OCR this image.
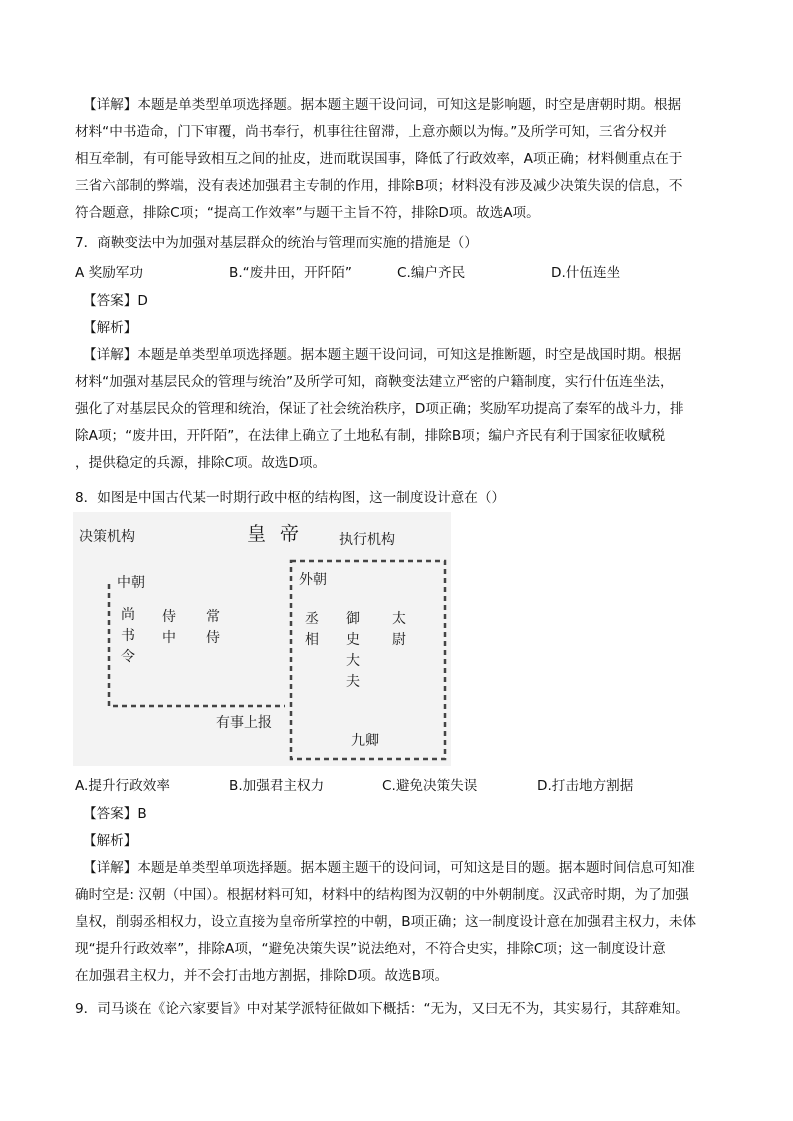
【详解】本题是单类型单项选择题。据本题主题干设问词，可知这是影响题，时空是唐朝时期。根据
材料“中书造命，门下审覆，尚书奉行，机事往往留滞，上意亦颇以为悔。”及所学可知，三省分权并
相互牵制，有可能导致相互之间的扯皮，进而耽误国事，降低了行政效率，A项正确；材料侧重点在于
三省六部制的弊端，没有表述加强君主专制的作用，排除B项；材料没有涉及减少决策失误的信息，不
符合题意，排除C项；“提高工作效率”与题干主旨不符，排除D项。故选A项。
7．商鞅变法中为加强对基层群众的统治与管理而实施的措施是（）
A 奖励军功	B.“废井田，开阡陌”	C.编户齐民	D.什伍连坐
【答案】D
【解析】
【详解】本题是单类型单项选择题。据本题主题干设问词，可知这是推断题，时空是战国时期。根据
材料“加强对基层民众的管理与统治”及所学可知，商鞅变法建立严密的户籍制度，实行什伍连坐法，
强化了对基层民众的管理和统治，保证了社会统治秩序，D项正确；奖励军功提高了秦军的战斗力，排
除A项；“废井田，开阡陌”，在法律上确立了土地私有制，排除B项；编户齐民有利于国家征收赋税
，提供稳定的兵源，排除C项。故选D项。
8．如图是中国古代某一时期行政中枢的结构图，这一制度设计意在（）
决策机构	皇帝 执行机构
中朝
尚书令
侍中
常侍
外朝
丞相
御史大夫
太尉
有事上报
九卿
A.提升行政效率	B.加强君主权力	C.避免决策失误	D.打击地方割据
【答案】B
【解析】
【详解】本题是单类型单项选择题。据本题主题干的设问词，可知这是目的题。据本题时间信息可知准
确时空是: 汉朝（中国）。根据材料可知，材料中的结构图为汉朝的中外朝制度。汉武帝时期，为了加强
皇权，削弱丞相权力，设立直接为皇帝所掌控的中朝，B项正确；这一制度设计意在加强君主权力，未体
现“提升行政效率”，排除A项，“避免决策失误”说法绝对，不符合史实，排除C项；这一制度设计意
在加强君主权力，并不会打击地方割据，排除D项。故选B项。
9．司马谈在《论六家要旨》中对某学派特征做如下概括：“无为，又曰无不为，其实易行，其辞难知。
